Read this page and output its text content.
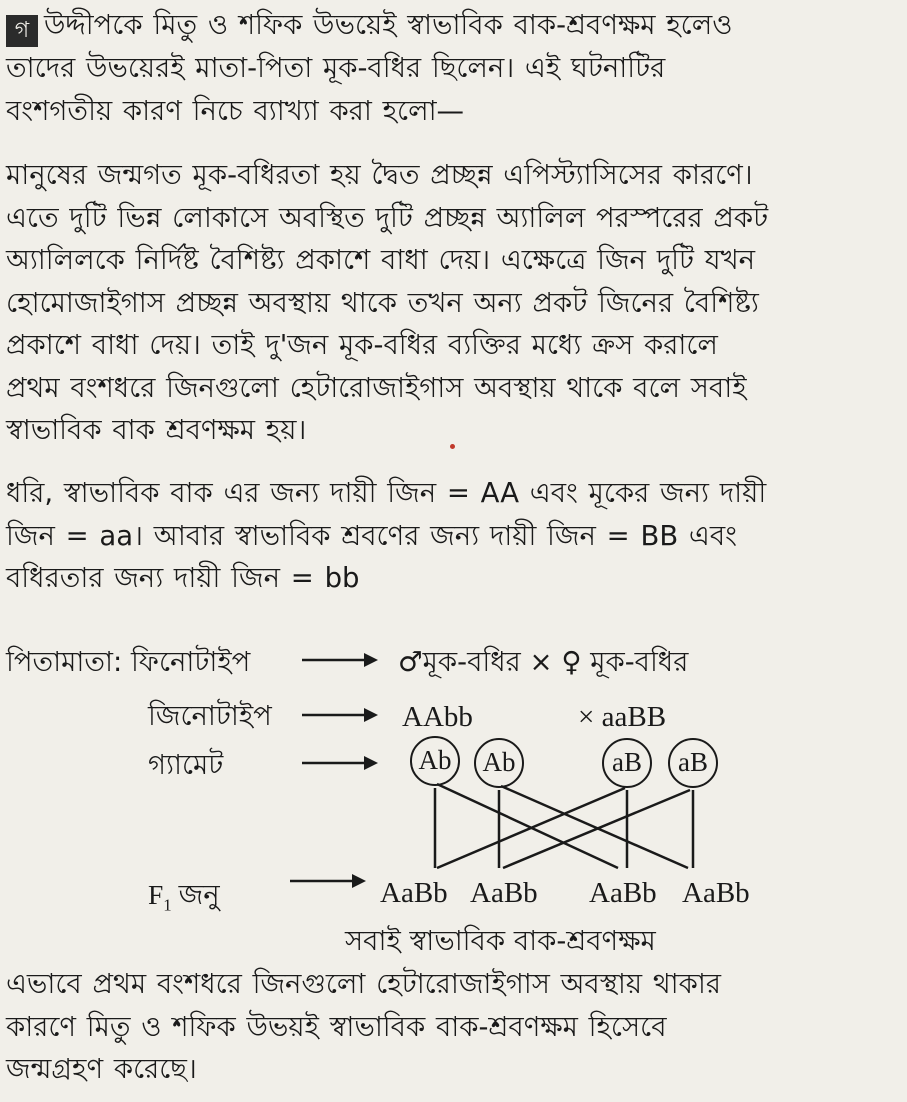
গ উদ্দীপকে মিতু ও শফিক উভয়েই স্বাভাবিক বাক-শ্রবণক্ষম হলেও
তাদের উভয়েরই মাতা-পিতা মূক-বধির ছিলেন। এই ঘটনাটির
বংশগতীয় কারণ নিচে ব্যাখ্যা করা হলো—
মানুষের জন্মগত মূক-বধিরতা হয় দ্বৈত প্রচ্ছন্ন এপিস্ট্যাসিসের কারণে।
এতে দুটি ভিন্ন লোকাসে অবস্থিত দুটি প্রচ্ছন্ন অ্যালিল পরস্পরের প্রকট
অ্যালিলকে নির্দিষ্ট বৈশিষ্ট্য প্রকাশে বাধা দেয়। এক্ষেত্রে জিন দুটি যখন
হোমোজাইগাস প্রচ্ছন্ন অবস্থায় থাকে তখন অন্য প্রকট জিনের বৈশিষ্ট্য
প্রকাশে বাধা দেয়। তাই দু'জন মূক-বধির ব্যক্তির মধ্যে ক্রস করালে
প্রথম বংশধরে জিনগুলো হেটারোজাইগাস অবস্থায় থাকে বলে সবাই
স্বাভাবিক বাক শ্রবণক্ষম হয়।
ধরি, স্বাভাবিক বাক এর জন্য দায়ী জিন = AA এবং মূকের জন্য দায়ী
জিন = aa। আবার স্বাভাবিক শ্রবণের জন্য দায়ী জিন = BB এবং
বধিরতার জন্য দায়ী জিন = bb
পিতামাতা: ফিনোটাইপ	♂মূক-বধির × ♀ মূক-বধির
জিনোটাইপ	AAbb	× aaBB
গ্যামেট	Ab	Ab	aB	aB
$F_1$ জনু	AaBb AaBb AaBb AaBb
সবাই স্বাভাবিক বাক-শ্রবণক্ষম
এভাবে প্রথম বংশধরে জিনগুলো হেটারোজাইগাস অবস্থায় থাকার
কারণে মিতু ও শফিক উভয়ই স্বাভাবিক বাক-শ্রবণক্ষম হিসেবে
জন্মগ্রহণ করেছে।
